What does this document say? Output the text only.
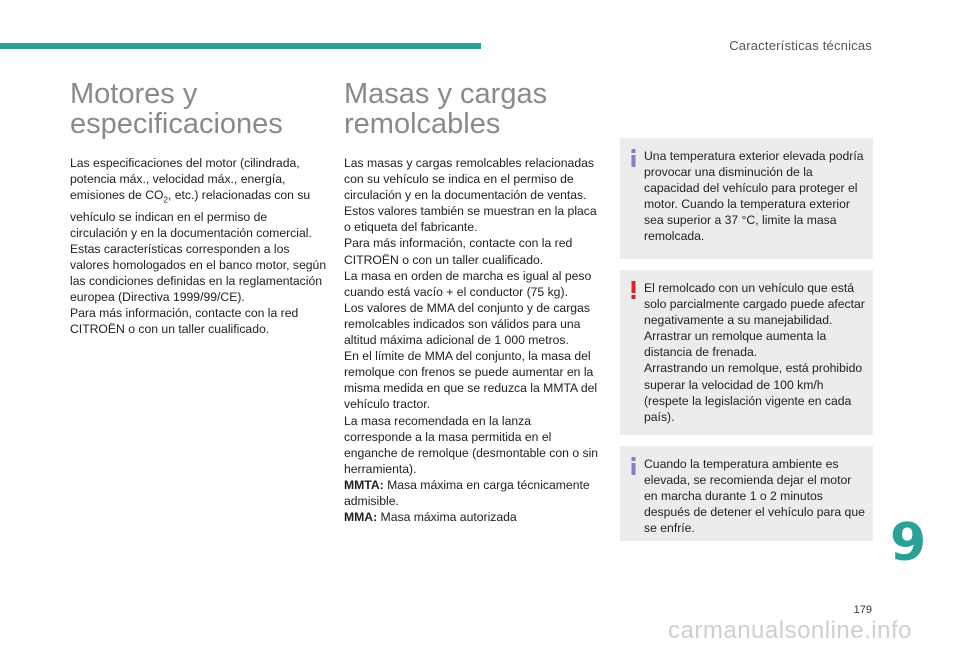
Características técnicas
Motores y especificaciones

Las especificaciones del motor (cilindrada, potencia máx., velocidad máx., energía, emisiones de $CO_2$, etc.) relacionadas con su vehículo se indican en el permiso de circulación y en la documentación comercial.

Estas características corresponden a los valores homologados en el banco motor, según las condiciones definidas en la reglamentación europea (Directiva 1999/99/CE).

Para más información, contacte con la red CITROËN o con un taller cualificado.

Masas y cargas remolcables

Las masas y cargas remolcables relacionadas con su vehículo se indica en el permiso de circulación y en la documentación de ventas.

Estos valores también se muestran en la placa o etiqueta del fabricante.

Para más información, contacte con la red CITROËN o con un taller cualificado.

La masa en orden de marcha es igual al peso cuando está vacío + el conductor (75 kg).

Los valores de MMA del conjunto y de cargas remolcables indicados son válidos para una altitud máxima adicional de 1 000 metros.

En el límite de MMA del conjunto, la masa del remolque con frenos se puede aumentar en la misma medida en que se reduzca la MMTA del vehículo tractor.

La masa recomendada en la lanza corresponde a la masa permitida en el enganche de remolque (desmontable con o sin herramienta).

MMTA: Masa máxima en carga técnicamente admisible.

MMA: Masa máxima autorizada

Una temperatura exterior elevada podría provocar una disminución de la capacidad del vehículo para proteger el motor. Cuando la temperatura exterior sea superior a 37 °C, limite la masa remolcada.

El remolcado con un vehículo que está solo parcialmente cargado puede afectar negativamente a su manejabilidad.

Arrastrar un remolque aumenta la distancia de frenada.

Arrastrando un remolque, está prohibido superar la velocidad de 100 km/h (respete la legislación vigente en cada país).

Cuando la temperatura ambiente es elevada, se recomienda dejar el motor en marcha durante 1 o 2 minutos después de detener el vehículo para que se enfríe.	9
179
carmanualsonline.info
